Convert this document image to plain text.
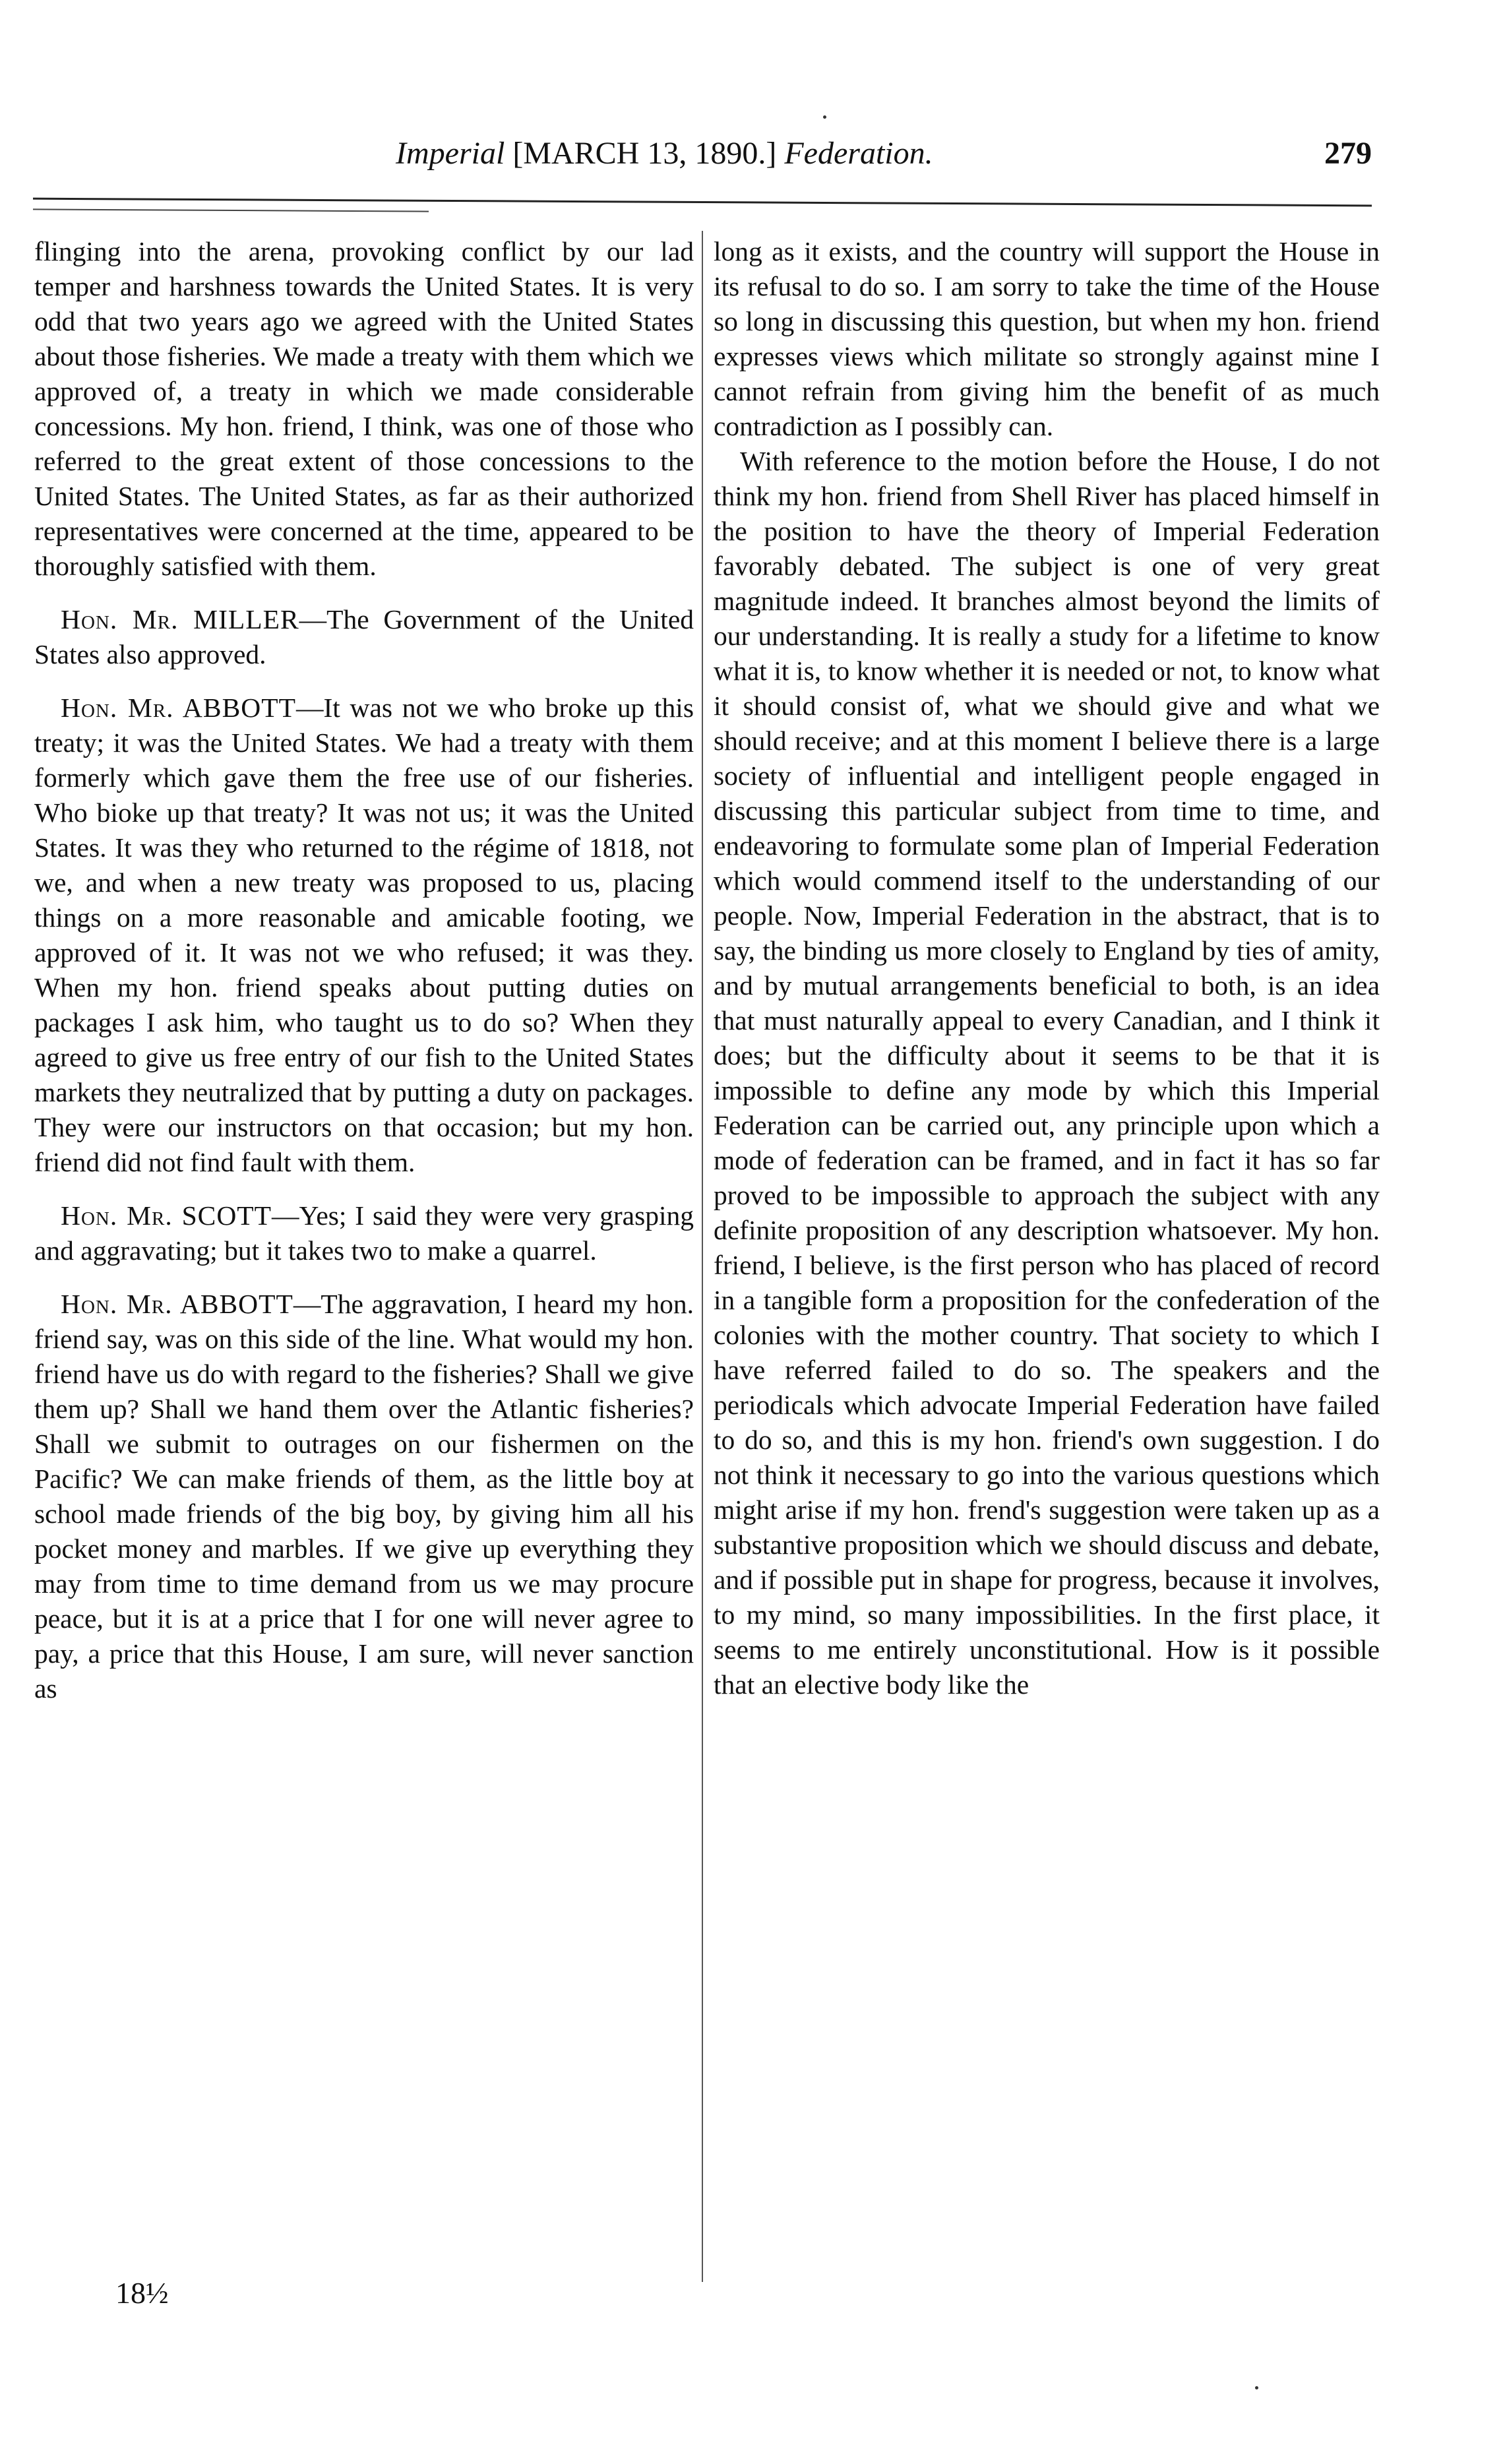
Imperial [MARCH 13, 1890.] Federation.	279

flinging into the arena, provoking conflict by our lad temper and harshness towards the United States. It is very odd that two years ago we agreed with the United States about those fisheries. We made a treaty with them which we approved of, a treaty in which we made considerable concessions. My hon. friend, I think, was one of those who referred to the great extent of those concessions to the United States. The United States, as far as their authorized representatives were concerned at the time, appeared to be thoroughly satisfied with them.

Hon. Mr. MILLER—The Government of the United States also approved.

Hon. Mr. ABBOTT—It was not we who broke up this treaty; it was the United States. We had a treaty with them formerly which gave them the free use of our fisheries. Who bioke up that treaty? It was not us; it was the United States. It was they who returned to the régime of 1818, not we, and when a new treaty was proposed to us, placing things on a more reasonable and amicable footing, we approved of it. It was not we who refused; it was they. When my hon. friend speaks about putting duties on packages I ask him, who taught us to do so? When they agreed to give us free entry of our fish to the United States markets they neutralized that by putting a duty on packages. They were our instructors on that occasion; but my hon. friend did not find fault with them.

Hon. Mr. SCOTT—Yes; I said they were very grasping and aggravating; but it takes two to make a quarrel.

Hon. Mr. ABBOTT—The aggravation, I heard my hon. friend say, was on this side of the line. What would my hon. friend have us do with regard to the fisheries? Shall we give them up? Shall we hand them over the Atlantic fisheries? Shall we submit to outrages on our fishermen on the Pacific? We can make friends of them, as the little boy at school made friends of the big boy, by giving him all his pocket money and marbles. If we give up everything they may from time to time demand from us we may procure peace, but it is at a price that I for one will never agree to pay, a price that this House, I am sure, will never sanction as

long as it exists, and the country will support the House in its refusal to do so. I am sorry to take the time of the House so long in discussing this question, but when my hon. friend expresses views which militate so strongly against mine I cannot refrain from giving him the benefit of as much contradiction as I possibly can.

With reference to the motion before the House, I do not think my hon. friend from Shell River has placed himself in the position to have the theory of Imperial Federation favorably debated. The subject is one of very great magnitude indeed. It branches almost beyond the limits of our understanding. It is really a study for a lifetime to know what it is, to know whether it is needed or not, to know what it should consist of, what we should give and what we should receive; and at this moment I believe there is a large society of influential and intelligent people engaged in discussing this particular subject from time to time, and endeavoring to formulate some plan of Imperial Federation which would commend itself to the understanding of our people. Now, Imperial Federation in the abstract, that is to say, the binding us more closely to England by ties of amity, and by mutual arrangements beneficial to both, is an idea that must naturally appeal to every Canadian, and I think it does; but the difficulty about it seems to be that it is impossible to define any mode by which this Imperial Federation can be carried out, any principle upon which a mode of federation can be framed, and in fact it has so far proved to be impossible to approach the subject with any definite proposition of any description whatsoever. My hon. friend, I believe, is the first person who has placed of record in a tangible form a proposition for the confederation of the colonies with the mother country. That society to which I have referred failed to do so. The speakers and the periodicals which advocate Imperial Federation have failed to do so, and this is my hon. friend's own suggestion. I do not think it necessary to go into the various questions which might arise if my hon. frend's suggestion were taken up as a substantive proposition which we should discuss and debate, and if possible put in shape for progress, because it involves, to my mind, so many impossibilities. In the first place, it seems to me entirely unconstitutional. How is it possible that an elective body like the

18½
